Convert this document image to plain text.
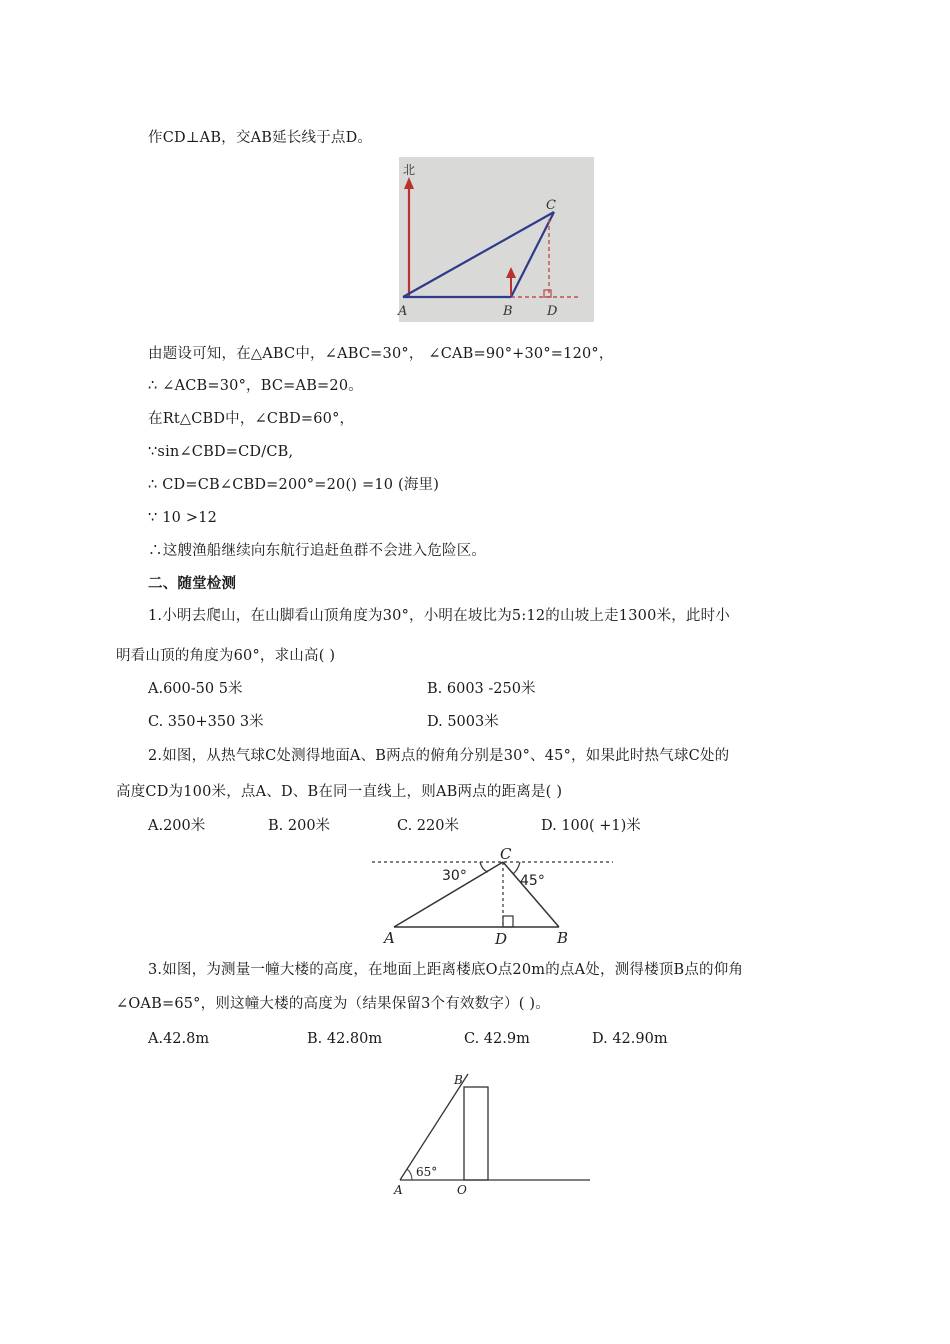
作CD⊥AB，交AB延长线于点D。
北
A	B
C
D
由题设可知，在△ABC中，∠ABC=30°， ∠CAB=90°+30°=120°，
∴ ∠ACB=30°，BC=AB=20。
在Rt△CBD中，∠CBD=60°，
∵sin∠CBD=CD/CB,
∴ CD=CB∠CBD=200°=20() =10 (海里)
∵ 10 >12
∴这艘渔船继续向东航行追赶鱼群不会进入危险区。
二、随堂检测
1.小明去爬山，在山脚看山顶角度为30°，小明在坡比为5:12的山坡上走1300米，此时小
明看山顶的角度为60°，求山高( )
A.600-50 5米	B. 6003 -250米
C. 350+350 3米	D. 5003米
2.如图，从热气球C处测得地面A、B两点的俯角分别是30°、45°，如果此时热气球C处的
高度CD为100米，点A、D、B在同一直线上，则AB两点的距离是( )
A.200米	B. 200米	C. 220米	D. 100( +1)米
30°	45°
C
A	D	B
3.如图，为测量一幢大楼的高度，在地面上距离楼底O点20m的点A处，测得楼顶B点的仰角
∠OAB=65°，则这幢大楼的高度为（结果保留3个有效数字）( )。
A.42.8m	B. 42.80m	C. 42.9m	D. 42.90m
65°
B
A	O
